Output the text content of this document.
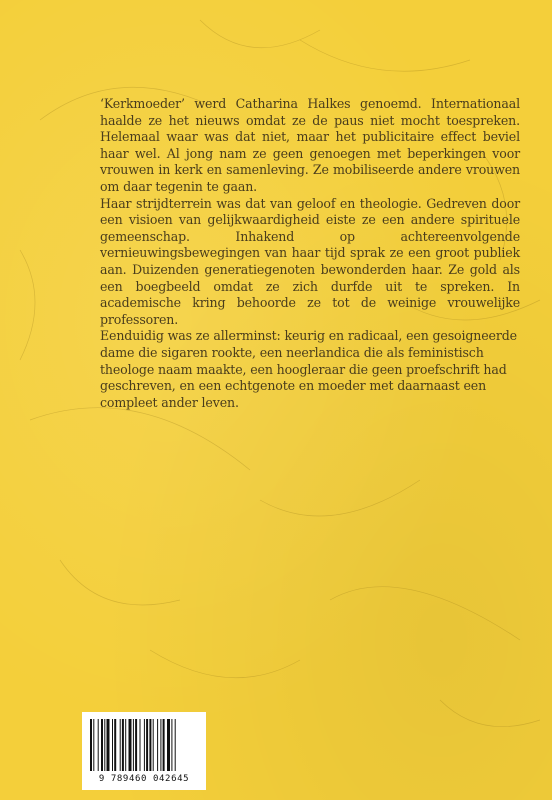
‘Kerkmoeder’ werd Catharina Halkes genoemd. Internationaal haalde ze het nieuws omdat ze de paus niet mocht toespreken. Helemaal waar was dat niet, maar het publicitaire effect beviel haar wel. Al jong nam ze geen genoegen met beperkingen voor vrouwen in kerk en samenleving. Ze mobiliseerde andere vrouwen om daar tegenin te gaan.

Haar strijdterrein was dat van geloof en theologie. Gedreven door een visioen van gelijkwaardigheid eiste ze een andere spirituele gemeenschap. Inhakend op achtereenvolgende vernieuwingsbewegingen van haar tijd sprak ze een groot publiek aan. Duizenden generatiegenoten bewonderden haar. Ze gold als een boegbeeld omdat ze zich durfde uit te spreken. In academische kring behoorde ze tot de weinige vrouwelijke professoren.

Eenduidig was ze allerminst: keurig en radicaal, een gesoigneerde dame die sigaren rookte, een neerlandica die als feministisch theologe naam maakte, een hoogleraar die geen proefschrift had geschreven, en een echtgenote en moeder met daarnaast een compleet ander leven.

9 789460 042645
